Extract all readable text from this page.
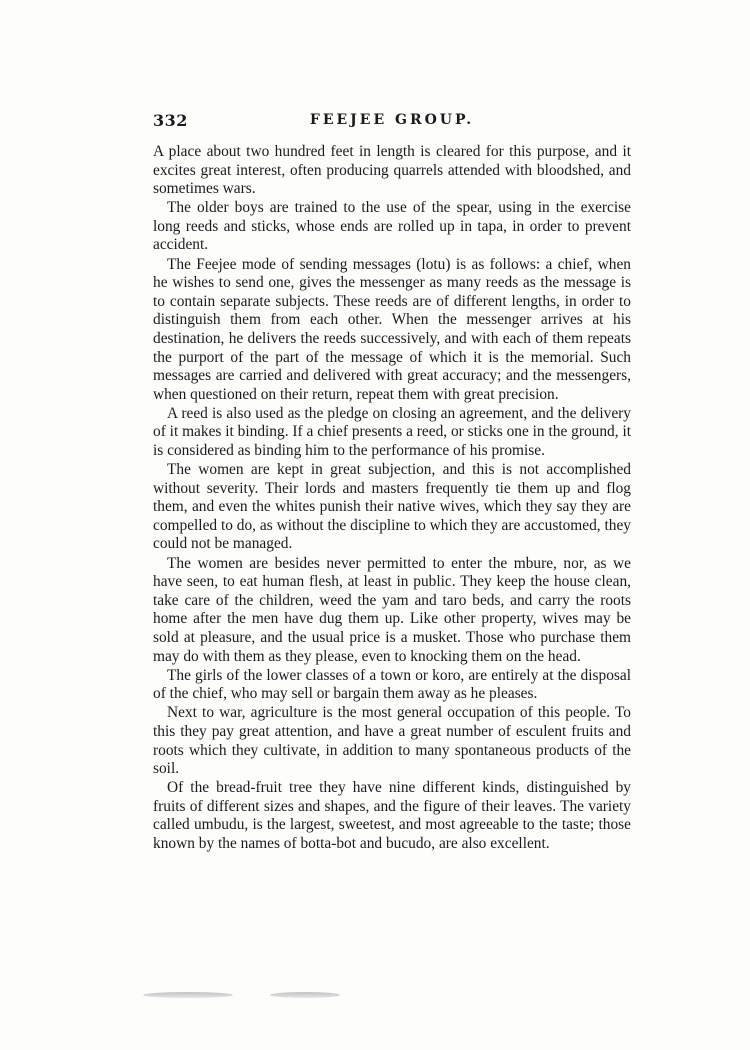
332	FEEJEE GROUP.

A place about two hundred feet in length is cleared for this purpose, and it excites great interest, often producing quarrels attended with bloodshed, and sometimes wars.

The older boys are trained to the use of the spear, using in the exercise long reeds and sticks, whose ends are rolled up in tapa, in order to prevent accident.

The Feejee mode of sending messages (lotu) is as follows: a chief, when he wishes to send one, gives the messenger as many reeds as the message is to contain separate subjects. These reeds are of different lengths, in order to distinguish them from each other. When the messenger arrives at his destination, he delivers the reeds successively, and with each of them repeats the purport of the part of the message of which it is the memorial. Such messages are carried and delivered with great accuracy; and the messengers, when questioned on their return, repeat them with great precision.

A reed is also used as the pledge on closing an agreement, and the delivery of it makes it binding. If a chief presents a reed, or sticks one in the ground, it is considered as binding him to the performance of his promise.

The women are kept in great subjection, and this is not accomplished without severity. Their lords and masters frequently tie them up and flog them, and even the whites punish their native wives, which they say they are compelled to do, as without the discipline to which they are accustomed, they could not be managed.

The women are besides never permitted to enter the mbure, nor, as we have seen, to eat human flesh, at least in public. They keep the house clean, take care of the children, weed the yam and taro beds, and carry the roots home after the men have dug them up. Like other property, wives may be sold at pleasure, and the usual price is a musket. Those who purchase them may do with them as they please, even to knocking them on the head.

The girls of the lower classes of a town or koro, are entirely at the disposal of the chief, who may sell or bargain them away as he pleases.

Next to war, agriculture is the most general occupation of this people. To this they pay great attention, and have a great number of esculent fruits and roots which they cultivate, in addition to many spontaneous products of the soil.

Of the bread-fruit tree they have nine different kinds, distinguished by fruits of different sizes and shapes, and the figure of their leaves. The variety called umbudu, is the largest, sweetest, and most agreeable to the taste; those known by the names of botta-bot and bucudo, are also excellent.
